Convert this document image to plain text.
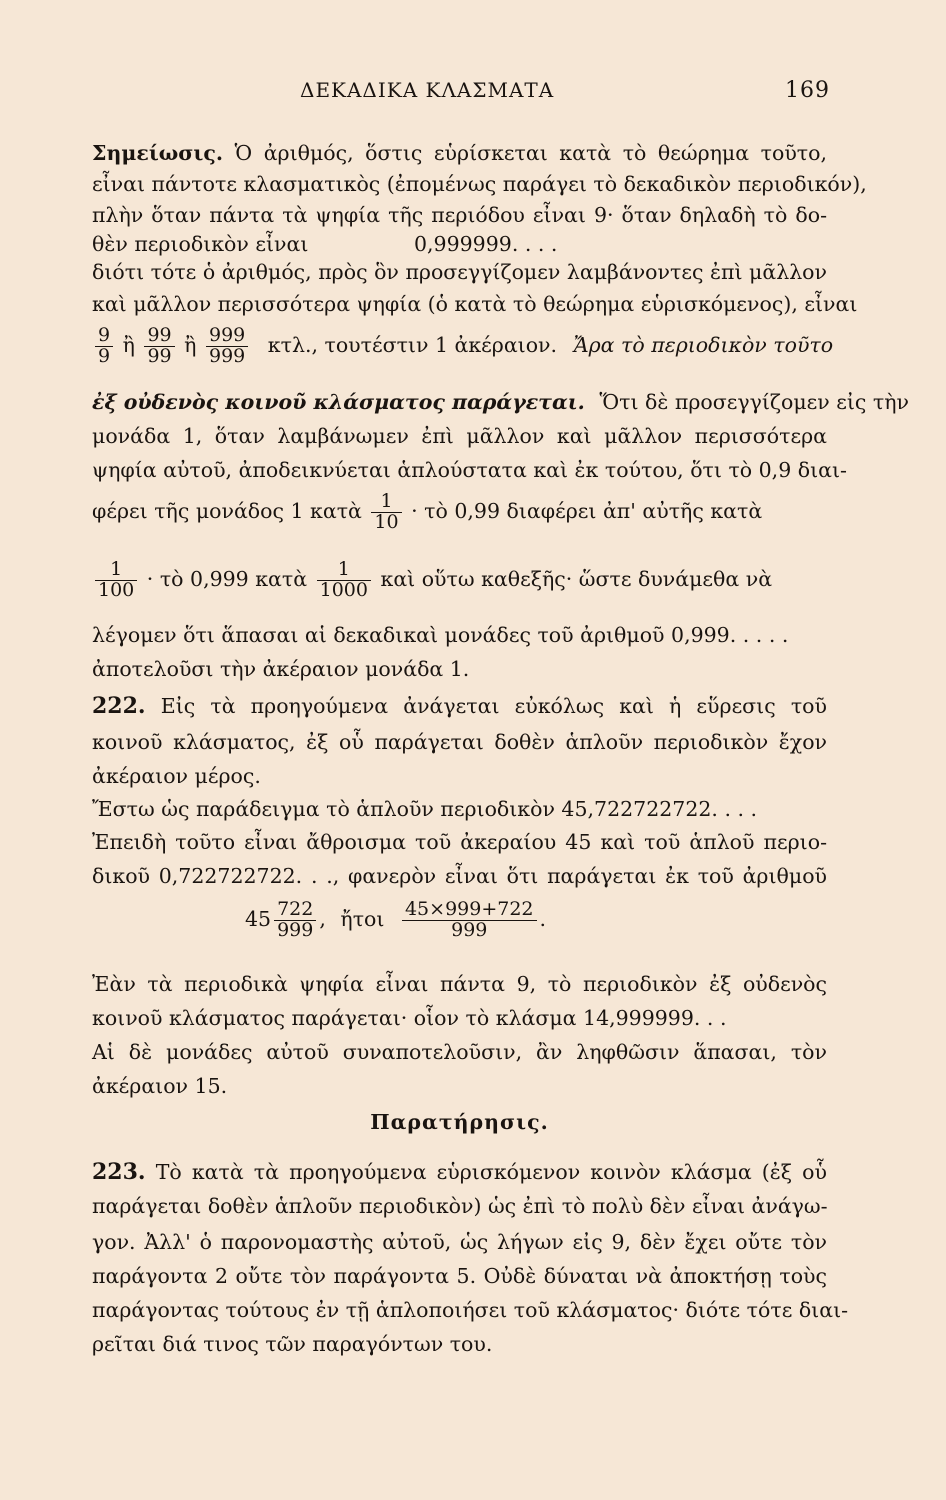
ΔΕΚΑΔΙΚΑ ΚΛΑΣΜΑΤΑ	169
Σημείωσις. Ὁ ἀριθμός, ὅστις εὑρίσκεται κατὰ τὸ θεώρημα τοῦτο,
εἶναι πάντοτε κλασματικὸς (ἐπομένως παράγει τὸ δεκαδικὸν περιοδικόν),
πλὴν ὅταν πάντα τὰ ψηφία τῆς περιόδου εἶναι 9· ὅταν δηλαδὴ τὸ δο-
θὲν περιοδικὸν εἶναι	0,999999. . . .
διότι τότε ὁ ἀριθμός, πρὸς ὃν προσεγγίζομεν λαμβάνοντες ἐπὶ μᾶλλον
καὶ μᾶλλον περισσότερα ψηφία (ὁ κατὰ τὸ θεώρημα εὑρισκόμενος), εἶναι
$\frac{9}{9}$ ἢ $\frac{99}{99}$ ἢ $\frac{999}{999} \kappa\tau\lambda$., τουτέστιν 1 ἀκέραιον. Ἄρα τὸ περιοδικὸν τοῦτο
ἐξ οὐδενὸς κοινοῦ κλάσματος παράγεται. Ὅτι δὲ προσεγγίζομεν εἰς τὴν
μονάδα 1, ὅταν λαμβάνωμεν ἐπὶ μᾶλλον καὶ μᾶλλον περισσότερα
ψηφία αὐτοῦ, ἀποδεικνύεται ἁπλούστατα καὶ ἐκ τούτου, ὅτι τὸ 0,9 διαι-
φέρει τῆς μονάδος 1 κατὰ $\frac{1}{10}$ · τὸ 0,99 διαφέρει ἀπ' αὐτῆς κατὰ
$\frac{1}{100}$ · τὸ 0,999 κατὰ $\frac{1}{1000}$ καὶ οὕτω καθεξῆς· ὥστε δυνάμεθα νὰ
λέγομεν ὅτι ἅπασαι αἱ δεκαδικαὶ μονάδες τοῦ ἀριθμοῦ 0,999. . . . .
ἀποτελοῦσι τὴν ἀκέραιον μονάδα 1.
222. Εἰς τὰ προηγούμενα ἀνάγεται εὐκόλως καὶ ἡ εὕρεσις τοῦ
κοινοῦ κλάσματος, ἐξ οὗ παράγεται δοθὲν ἁπλοῦν περιοδικὸν ἔχον
ἀκέραιον μέρος.
Ἔστω ὡς παράδειγμα τὸ ἁπλοῦν περιοδικὸν 45,722722722. . . .
Ἐπειδὴ τοῦτο εἶναι ἄθροισμα τοῦ ἀκεραίου 45 καὶ τοῦ ἁπλοῦ περιο-
δικοῦ 0,722722722. . ., φανερὸν εἶναι ὅτι παράγεται ἐκ τοῦ ἀριθμοῦ
$45 \frac{722}{999}$ , ἤτοι $\frac{45\times 999+722}{999}$ .
Ἐὰν τὰ περιοδικὰ ψηφία εἶναι πάντα 9, τὸ περιοδικὸν ἐξ οὐδενὸς
κοινοῦ κλάσματος παράγεται· οἷον τὸ κλάσμα 14,999999. . .
Αἱ δὲ μονάδες αὐτοῦ συναποτελοῦσιν, ἂν ληφθῶσιν ἅπασαι, τὸν
ἀκέραιον 15.
Παρατήρησις.
223. Τὸ κατὰ τὰ προηγούμενα εὑρισκόμενον κοινὸν κλάσμα (ἐξ οὗ
παράγεται δοθὲν ἁπλοῦν περιοδικὸν) ὡς ἐπὶ τὸ πολὺ δὲν εἶναι ἀνάγω-
γον. Ἀλλ' ὁ παρονομαστὴς αὐτοῦ, ὡς λήγων εἰς 9, δὲν ἔχει οὔτε τὸν
παράγοντα 2 οὔτε τὸν παράγοντα 5. Οὐδὲ δύναται νὰ ἀποκτήσῃ τοὺς
παράγοντας τούτους ἐν τῇ ἁπλοποιήσει τοῦ κλάσματος· διότε τότε διαι-
ρεῖται διά τινος τῶν παραγόντων του.
